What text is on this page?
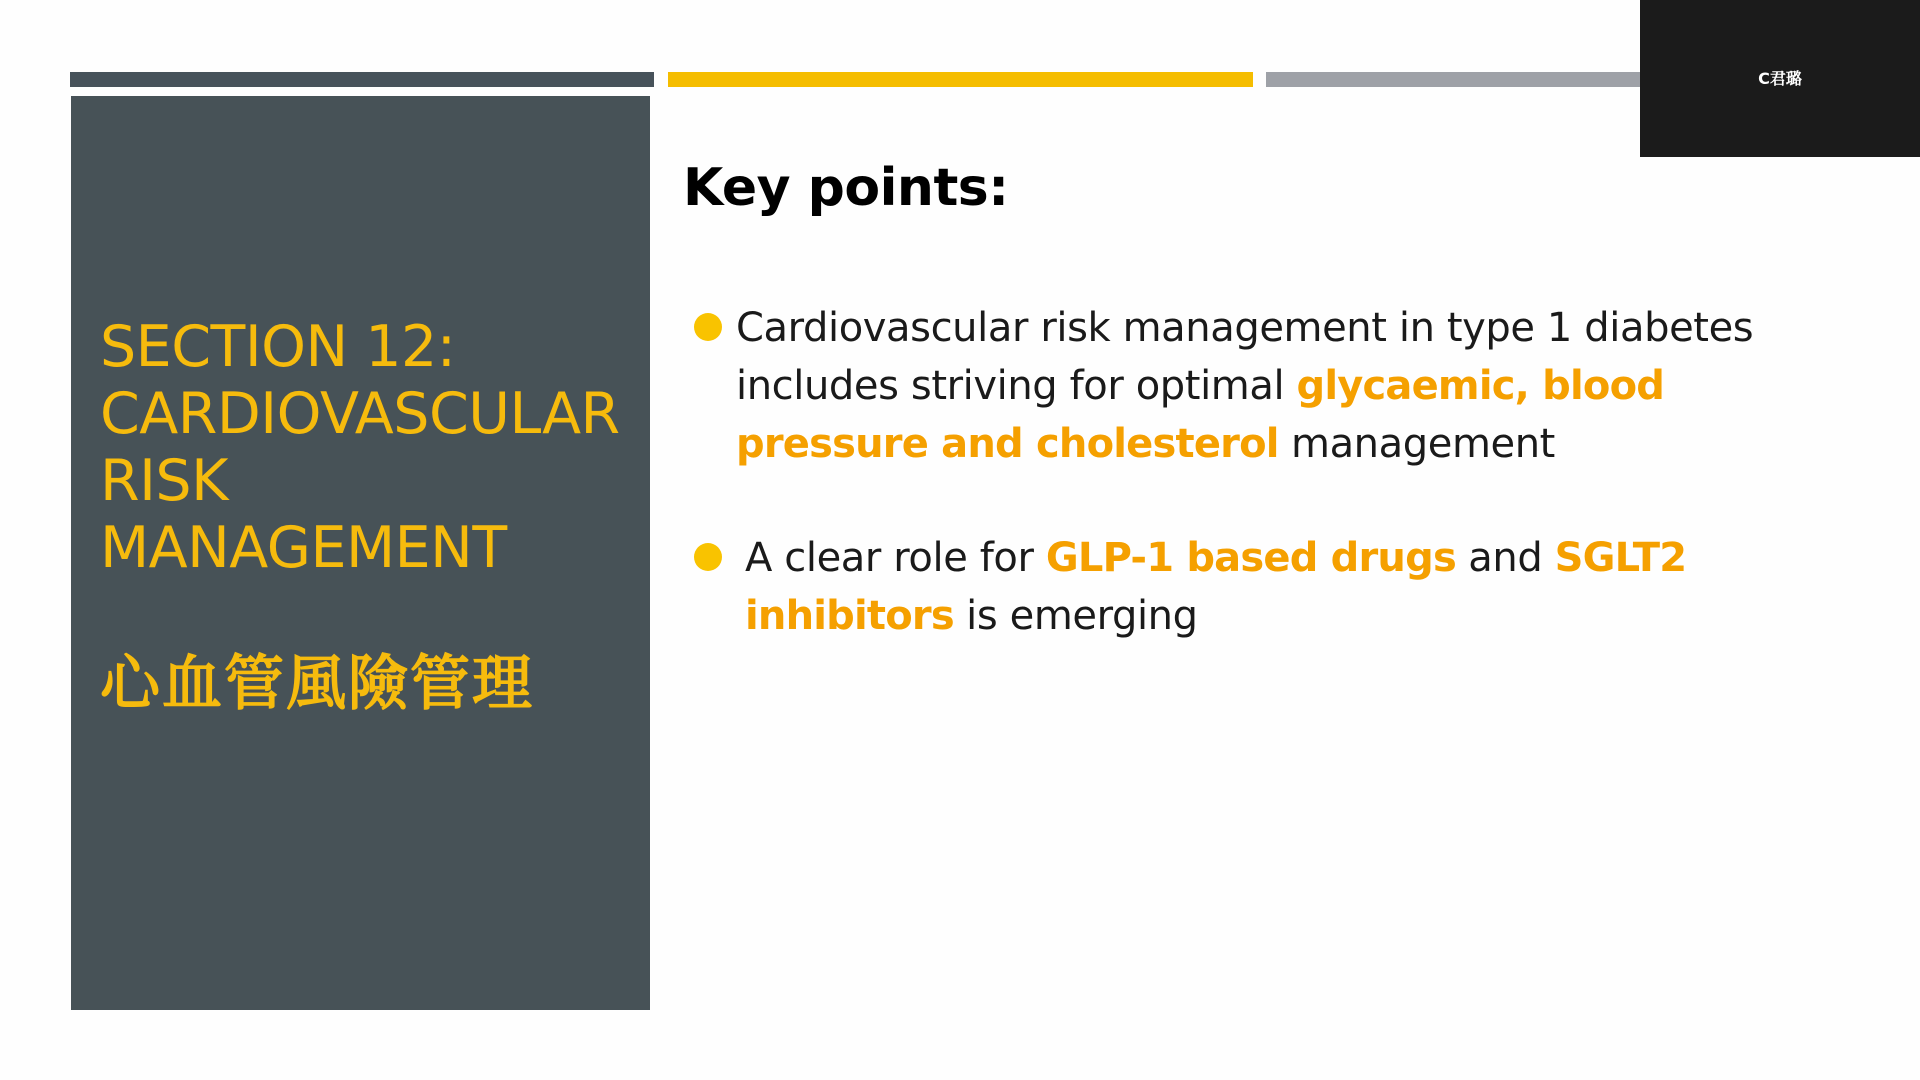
SECTION 12:
CARDIOVASCULAR
RISK
MANAGEMENT

心血管風險管理

Key points:
Cardiovascular risk management in type 1 diabetes includes striving for optimal glycaemic, blood pressure and cholesterol management
A clear role for GLP-1 based drugs and SGLT2 inhibitors is emerging
C君璐
